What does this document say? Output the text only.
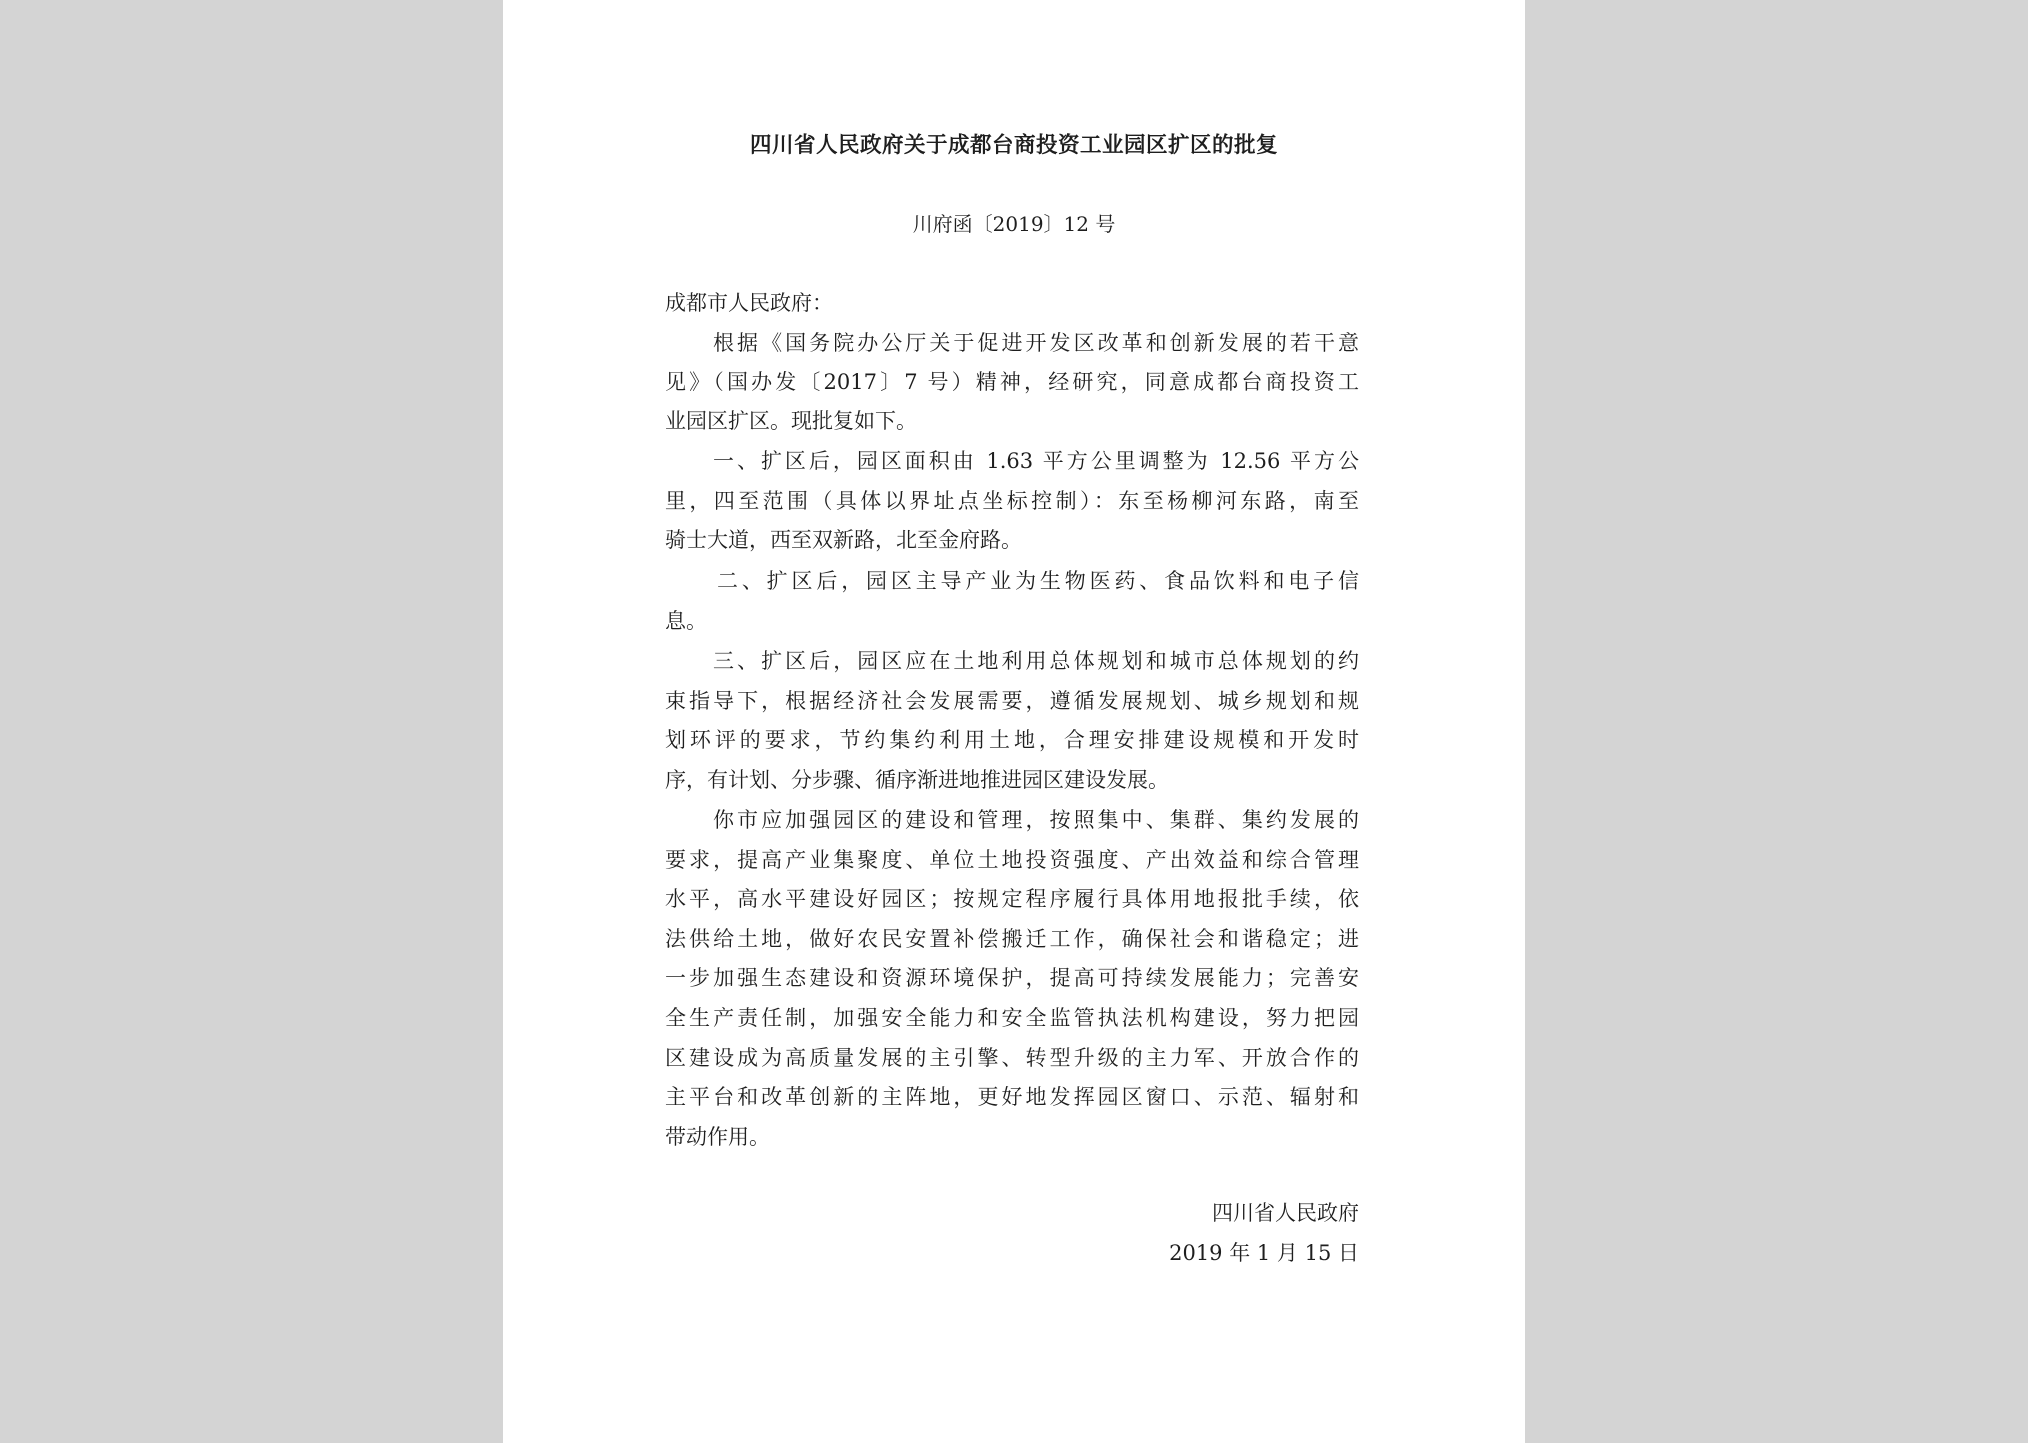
四川省人民政府关于成都台商投资工业园区扩区的批复
川府函〔2019〕12 号
成都市人民政府：
根据《国务院办公厅关于促进开发区改革和创新发展的若干意
见》（国办发〔2017〕7 号）精神，经研究，同意成都台商投资工
业园区扩区。现批复如下。
一、扩区后，园区面积由 1.63 平方公里调整为 12.56 平方公
里，四至范围（具体以界址点坐标控制）：东至杨柳河东路，南至
骑士大道，西至双新路，北至金府路。
二、扩区后，园区主导产业为生物医药、食品饮料和电子信
息。
三、扩区后，园区应在土地利用总体规划和城市总体规划的约
束指导下，根据经济社会发展需要，遵循发展规划、城乡规划和规
划环评的要求，节约集约利用土地，合理安排建设规模和开发时
序，有计划、分步骤、循序渐进地推进园区建设发展。
你市应加强园区的建设和管理，按照集中、集群、集约发展的
要求，提高产业集聚度、单位土地投资强度、产出效益和综合管理
水平，高水平建设好园区；按规定程序履行具体用地报批手续，依
法供给土地，做好农民安置补偿搬迁工作，确保社会和谐稳定；进
一步加强生态建设和资源环境保护，提高可持续发展能力；完善安
全生产责任制，加强安全能力和安全监管执法机构建设，努力把园
区建设成为高质量发展的主引擎、转型升级的主力军、开放合作的
主平台和改革创新的主阵地，更好地发挥园区窗口、示范、辐射和
带动作用。
四川省人民政府
2019 年 1 月 15 日
